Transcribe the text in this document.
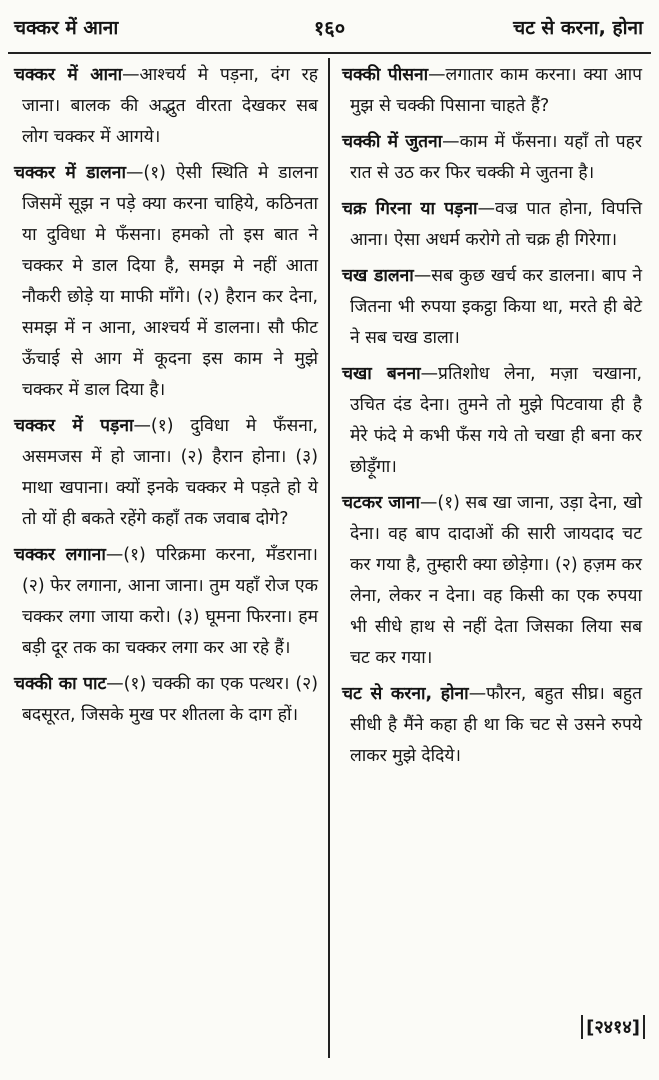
चक्कर में आना	१६०	चट से करना, होना

चक्कर में आना—आश्चर्य मे पड़ना, दंग रह जाना। बालक की अद्भुत वीरता देखकर सब लोग चक्कर में आगये।

चक्कर में डालना—(१) ऐसी स्थिति मे डालना जिसमें सूझ न पड़े क्या करना चाहिये, कठिनता या दुविधा मे फँसना। हमको तो इस बात ने चक्कर मे डाल दिया है, समझ मे नहीं आता नौकरी छोड़े या माफी माँगे। (२) हैरान कर देना, समझ में न आना, आश्चर्य में डालना। सौ फीट ऊँचाई से आग में कूदना इस काम ने मुझे चक्कर में डाल दिया है।

चक्कर में पड़ना—(१) दुविधा मे फँसना, असमजस में हो जाना। (२) हैरान होना। (३) माथा खपाना। क्यों इनके चक्कर मे पड़ते हो ये तो यों ही बकते रहेंगे कहाँ तक जवाब दोगे?

चक्कर लगाना—(१) परिक्रमा करना, मँडराना। (२) फेर लगाना, आना जाना। तुम यहाँ रोज एक चक्कर लगा जाया करो। (३) घूमना फिरना। हम बड़ी दूर तक का चक्कर लगा कर आ रहे हैं।

चक्की का पाट—(१) चक्की का एक पत्थर। (२) बदसूरत, जिसके मुख पर शीतला के दाग हों।

चक्की पीसना—लगातार काम करना। क्या आप मुझ से चक्की पिसाना चाहते हैं?

चक्की में जुतना—काम में फँसना। यहाँ तो पहर रात से उठ कर फिर चक्की मे जुतना है।

चक्र गिरना या पड़ना—वज्र पात होना, विपत्ति आना। ऐसा अधर्म करोगे तो चक्र ही गिरेगा।

चख डालना—सब कुछ खर्च कर डालना। बाप ने जितना भी रुपया इकट्ठा किया था, मरते ही बेटे ने सब चख डाला।

चखा बनना—प्रतिशोध लेना, मज़ा चखाना, उचित दंड देना। तुमने तो मुझे पिटवाया ही है मेरे फंदे मे कभी फँस गये तो चखा ही बना कर छोड़ूँगा।

चटकर जाना—(१) सब खा जाना, उड़ा देना, खो देना। वह बाप दादाओं की सारी जायदाद चट कर गया है, तुम्हारी क्या छोड़ेगा। (२) हज़म कर लेना, लेकर न देना। वह किसी का एक रुपया भी सीधे हाथ से नहीं देता जिसका लिया सब चट कर गया।

चट से करना, होना—फौरन, बहुत सीघ्र। बहुत सीधी है मैंने कहा ही था कि चट से उसने रुपये लाकर मुझे देदिये।

[२४१४]
